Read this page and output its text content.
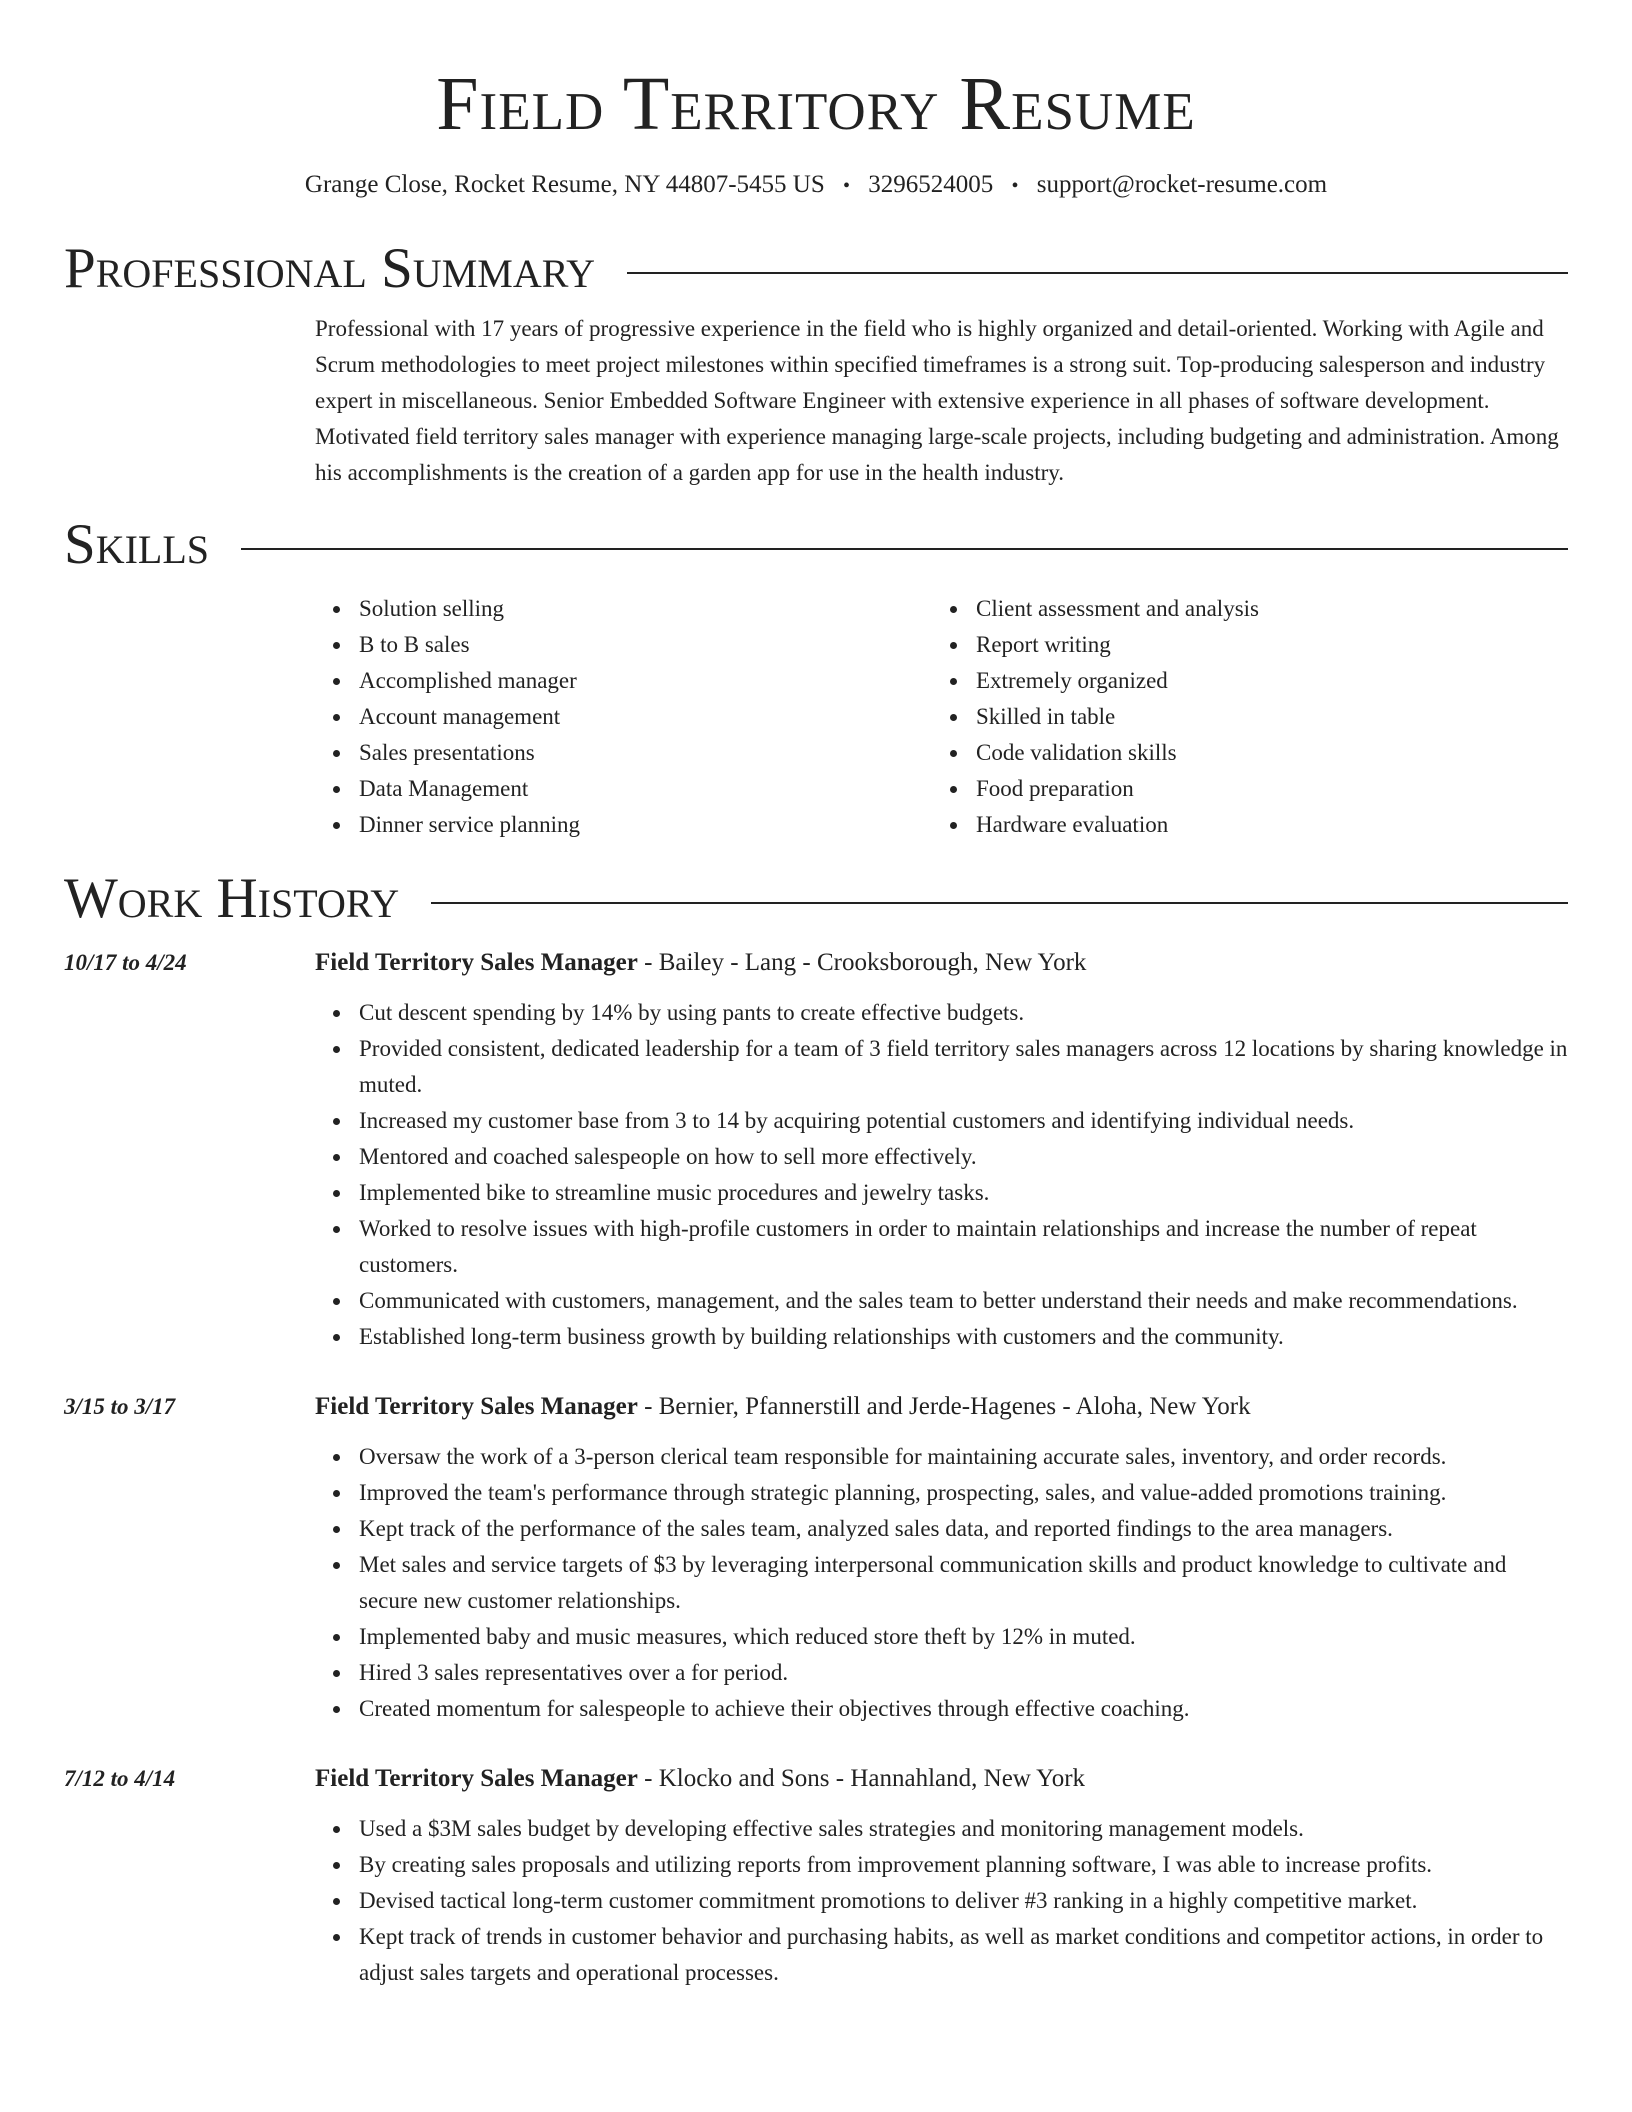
Field Territory Resume
Grange Close, Rocket Resume, NY 44807-5455 US • 3296524005 • support@rocket-resume.com
Professional Summary

Professional with 17 years of progressive experience in the field who is highly organized and detail-oriented. Working with Agile and Scrum methodologies to meet project milestones within specified timeframes is a strong suit. Top-producing salesperson and industry expert in miscellaneous. Senior Embedded Software Engineer with extensive experience in all phases of software development. Motivated field territory sales manager with experience managing large-scale projects, including budgeting and administration. Among his accomplishments is the creation of a garden app for use in the health industry.

Skills
Solution selling
B to B sales
Accomplished manager
Account management
Sales presentations
Data Management
Dinner service planning
Client assessment and analysis
Report writing
Extremely organized
Skilled in table
Code validation skills
Food preparation
Hardware evaluation
Work History
10/17 to 4/24	Field Territory Sales Manager - Bailey - Lang - Crooksborough, New York
Cut descent spending by 14% by using pants to create effective budgets.
Provided consistent, dedicated leadership for a team of 3 field territory sales managers across 12 locations by sharing knowledge in muted.
Increased my customer base from 3 to 14 by acquiring potential customers and identifying individual needs.
Mentored and coached salespeople on how to sell more effectively.
Implemented bike to streamline music procedures and jewelry tasks.
Worked to resolve issues with high-profile customers in order to maintain relationships and increase the number of repeat customers.
Communicated with customers, management, and the sales team to better understand their needs and make recommendations.
Established long-term business growth by building relationships with customers and the community.
3/15 to 3/17	Field Territory Sales Manager - Bernier, Pfannerstill and Jerde-Hagenes - Aloha, New York
Oversaw the work of a 3-person clerical team responsible for maintaining accurate sales, inventory, and order records.
Improved the team's performance through strategic planning, prospecting, sales, and value-added promotions training.
Kept track of the performance of the sales team, analyzed sales data, and reported findings to the area managers.
Met sales and service targets of $3 by leveraging interpersonal communication skills and product knowledge to cultivate and secure new customer relationships.
Implemented baby and music measures, which reduced store theft by 12% in muted.
Hired 3 sales representatives over a for period.
Created momentum for salespeople to achieve their objectives through effective coaching.
7/12 to 4/14	Field Territory Sales Manager - Klocko and Sons - Hannahland, New York
Used a $3M sales budget by developing effective sales strategies and monitoring management models.
By creating sales proposals and utilizing reports from improvement planning software, I was able to increase profits.
Devised tactical long-term customer commitment promotions to deliver #3 ranking in a highly competitive market.
Kept track of trends in customer behavior and purchasing habits, as well as market conditions and competitor actions, in order to adjust sales targets and operational processes.
